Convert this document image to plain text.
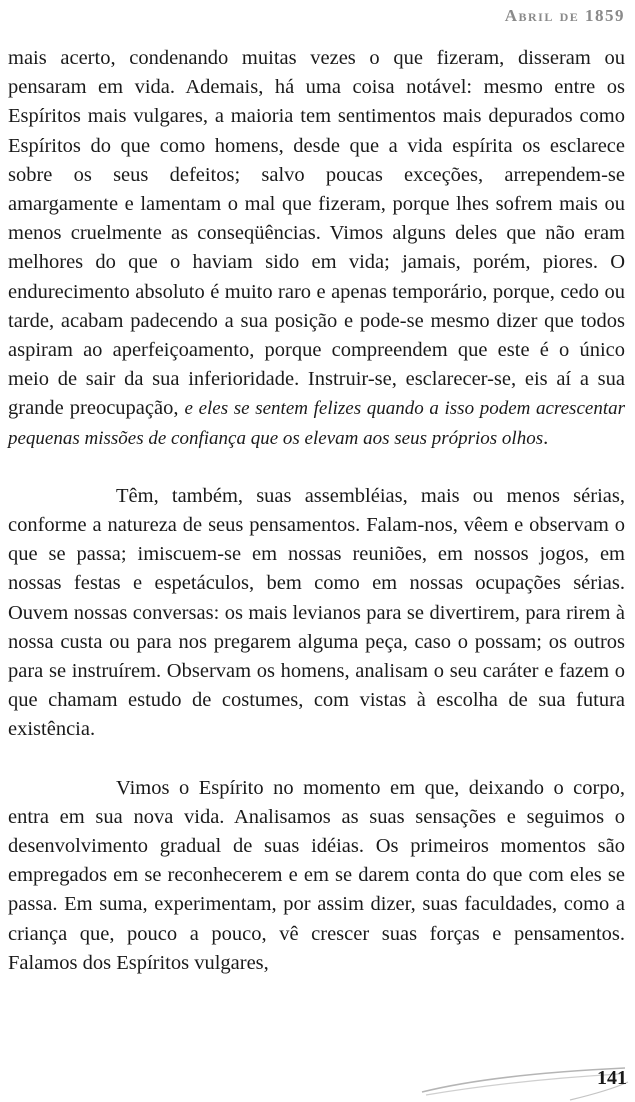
Abril de 1859

mais acerto, condenando muitas vezes o que fizeram, disseram ou pensaram em vida. Ademais, há uma coisa notável: mesmo entre os Espíritos mais vulgares, a maioria tem sentimentos mais depurados como Espíritos do que como homens, desde que a vida espírita os esclarece sobre os seus defeitos; salvo poucas exceções, arrependem-se amargamente e lamentam o mal que fizeram, porque lhes sofrem mais ou menos cruelmente as conseqüências. Vimos alguns deles que não eram melhores do que o haviam sido em vida; jamais, porém, piores. O endurecimento absoluto é muito raro e apenas temporário, porque, cedo ou tarde, acabam padecendo a sua posição e pode-se mesmo dizer que todos aspiram ao aperfeiçoamento, porque compreendem que este é o único meio de sair da sua inferioridade. Instruir-se, esclarecer-se, eis aí a sua grande preocupação, e eles se sentem felizes quando a isso podem acrescentar pequenas missões de confiança que os elevam aos seus próprios olhos.

Têm, também, suas assembléias, mais ou menos sérias, conforme a natureza de seus pensamentos. Falam-nos, vêem e observam o que se passa; imiscuem-se em nossas reuniões, em nossos jogos, em nossas festas e espetáculos, bem como em nossas ocupações sérias. Ouvem nossas conversas: os mais levianos para se divertirem, para rirem à nossa custa ou para nos pregarem alguma peça, caso o possam; os outros para se instruírem. Observam os homens, analisam o seu caráter e fazem o que chamam estudo de costumes, com vistas à escolha de sua futura existência.

Vimos o Espírito no momento em que, deixando o corpo, entra em sua nova vida. Analisamos as suas sensações e seguimos o desenvolvimento gradual de suas idéias. Os primeiros momentos são empregados em se reconhecerem e em se darem conta do que com eles se passa. Em suma, experimentam, por assim dizer, suas faculdades, como a criança que, pouco a pouco, vê crescer suas forças e pensamentos. Falamos dos Espíritos vulgares,

141
